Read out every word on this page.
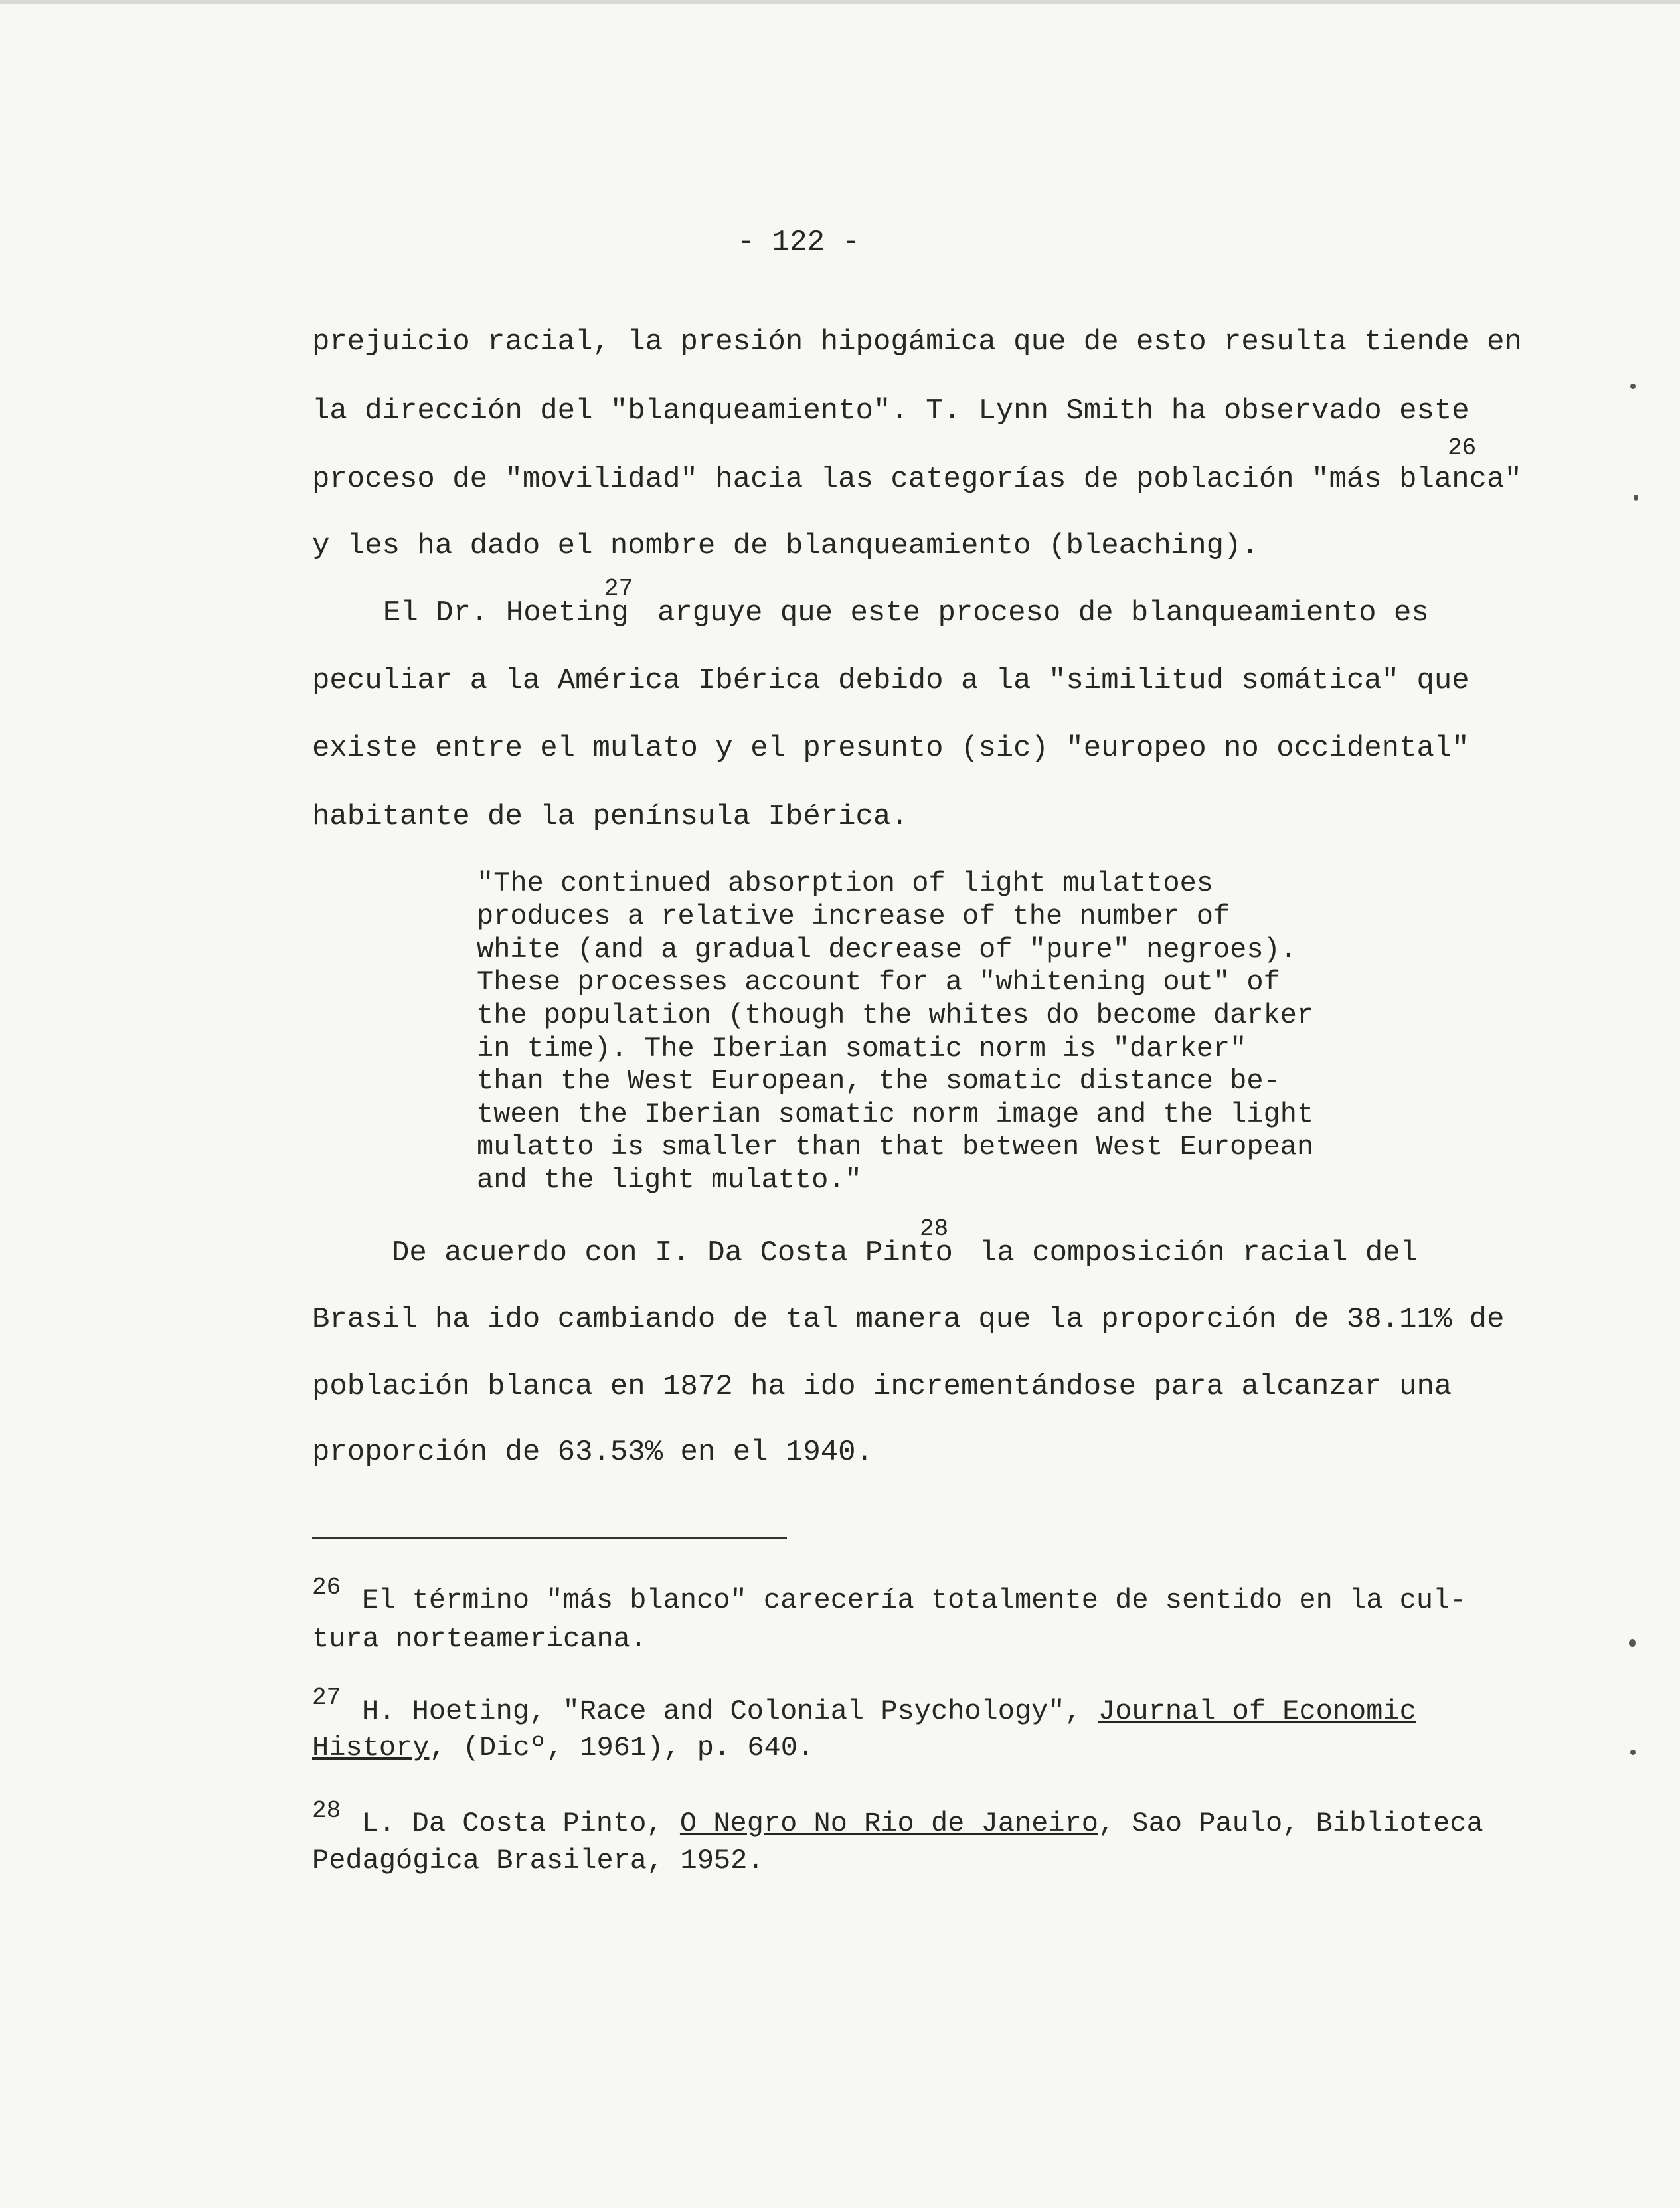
- 122 -
prejuicio racial, la presión hipogámica que de esto resulta tiende en
la dirección del "blanqueamiento". T. Lynn Smith ha observado este
proceso de "movilidad" hacia las categorías de población "más blanca"
26
y les ha dado el nombre de blanqueamiento (bleaching).
El Dr. Hoeting
27
arguye que este proceso de blanqueamiento es
peculiar a la América Ibérica debido a la "similitud somática" que
existe entre el mulato y el presunto (sic) "europeo no occidental"
habitante de la península Ibérica.
"The continued absorption of light mulattoes
produces a relative increase of the number of
white (and a gradual decrease of "pure" negroes).
These processes account for a "whitening out" of
the population (though the whites do become darker
in time). The Iberian somatic norm is "darker"
than the West European, the somatic distance be-
tween the Iberian somatic norm image and the light
mulatto is smaller than that between West European
and the light mulatto."
De acuerdo con I. Da Costa Pinto
28
la composición racial del
Brasil ha ido cambiando de tal manera que la proporción de 38.11% de
población blanca en 1872 ha ido incrementándose para alcanzar una
proporción de 63.53% en el 1940.
26 El término "más blanco" carecería totalmente de sentido en la cul-
tura norteamericana.
27 H. Hoeting, "Race and Colonial Psychology", Journal of Economic
History, (Dicº, 1961), p. 640.
28 L. Da Costa Pinto, O Negro No Rio de Janeiro, Sao Paulo, Biblioteca
Pedagógica Brasilera, 1952.
